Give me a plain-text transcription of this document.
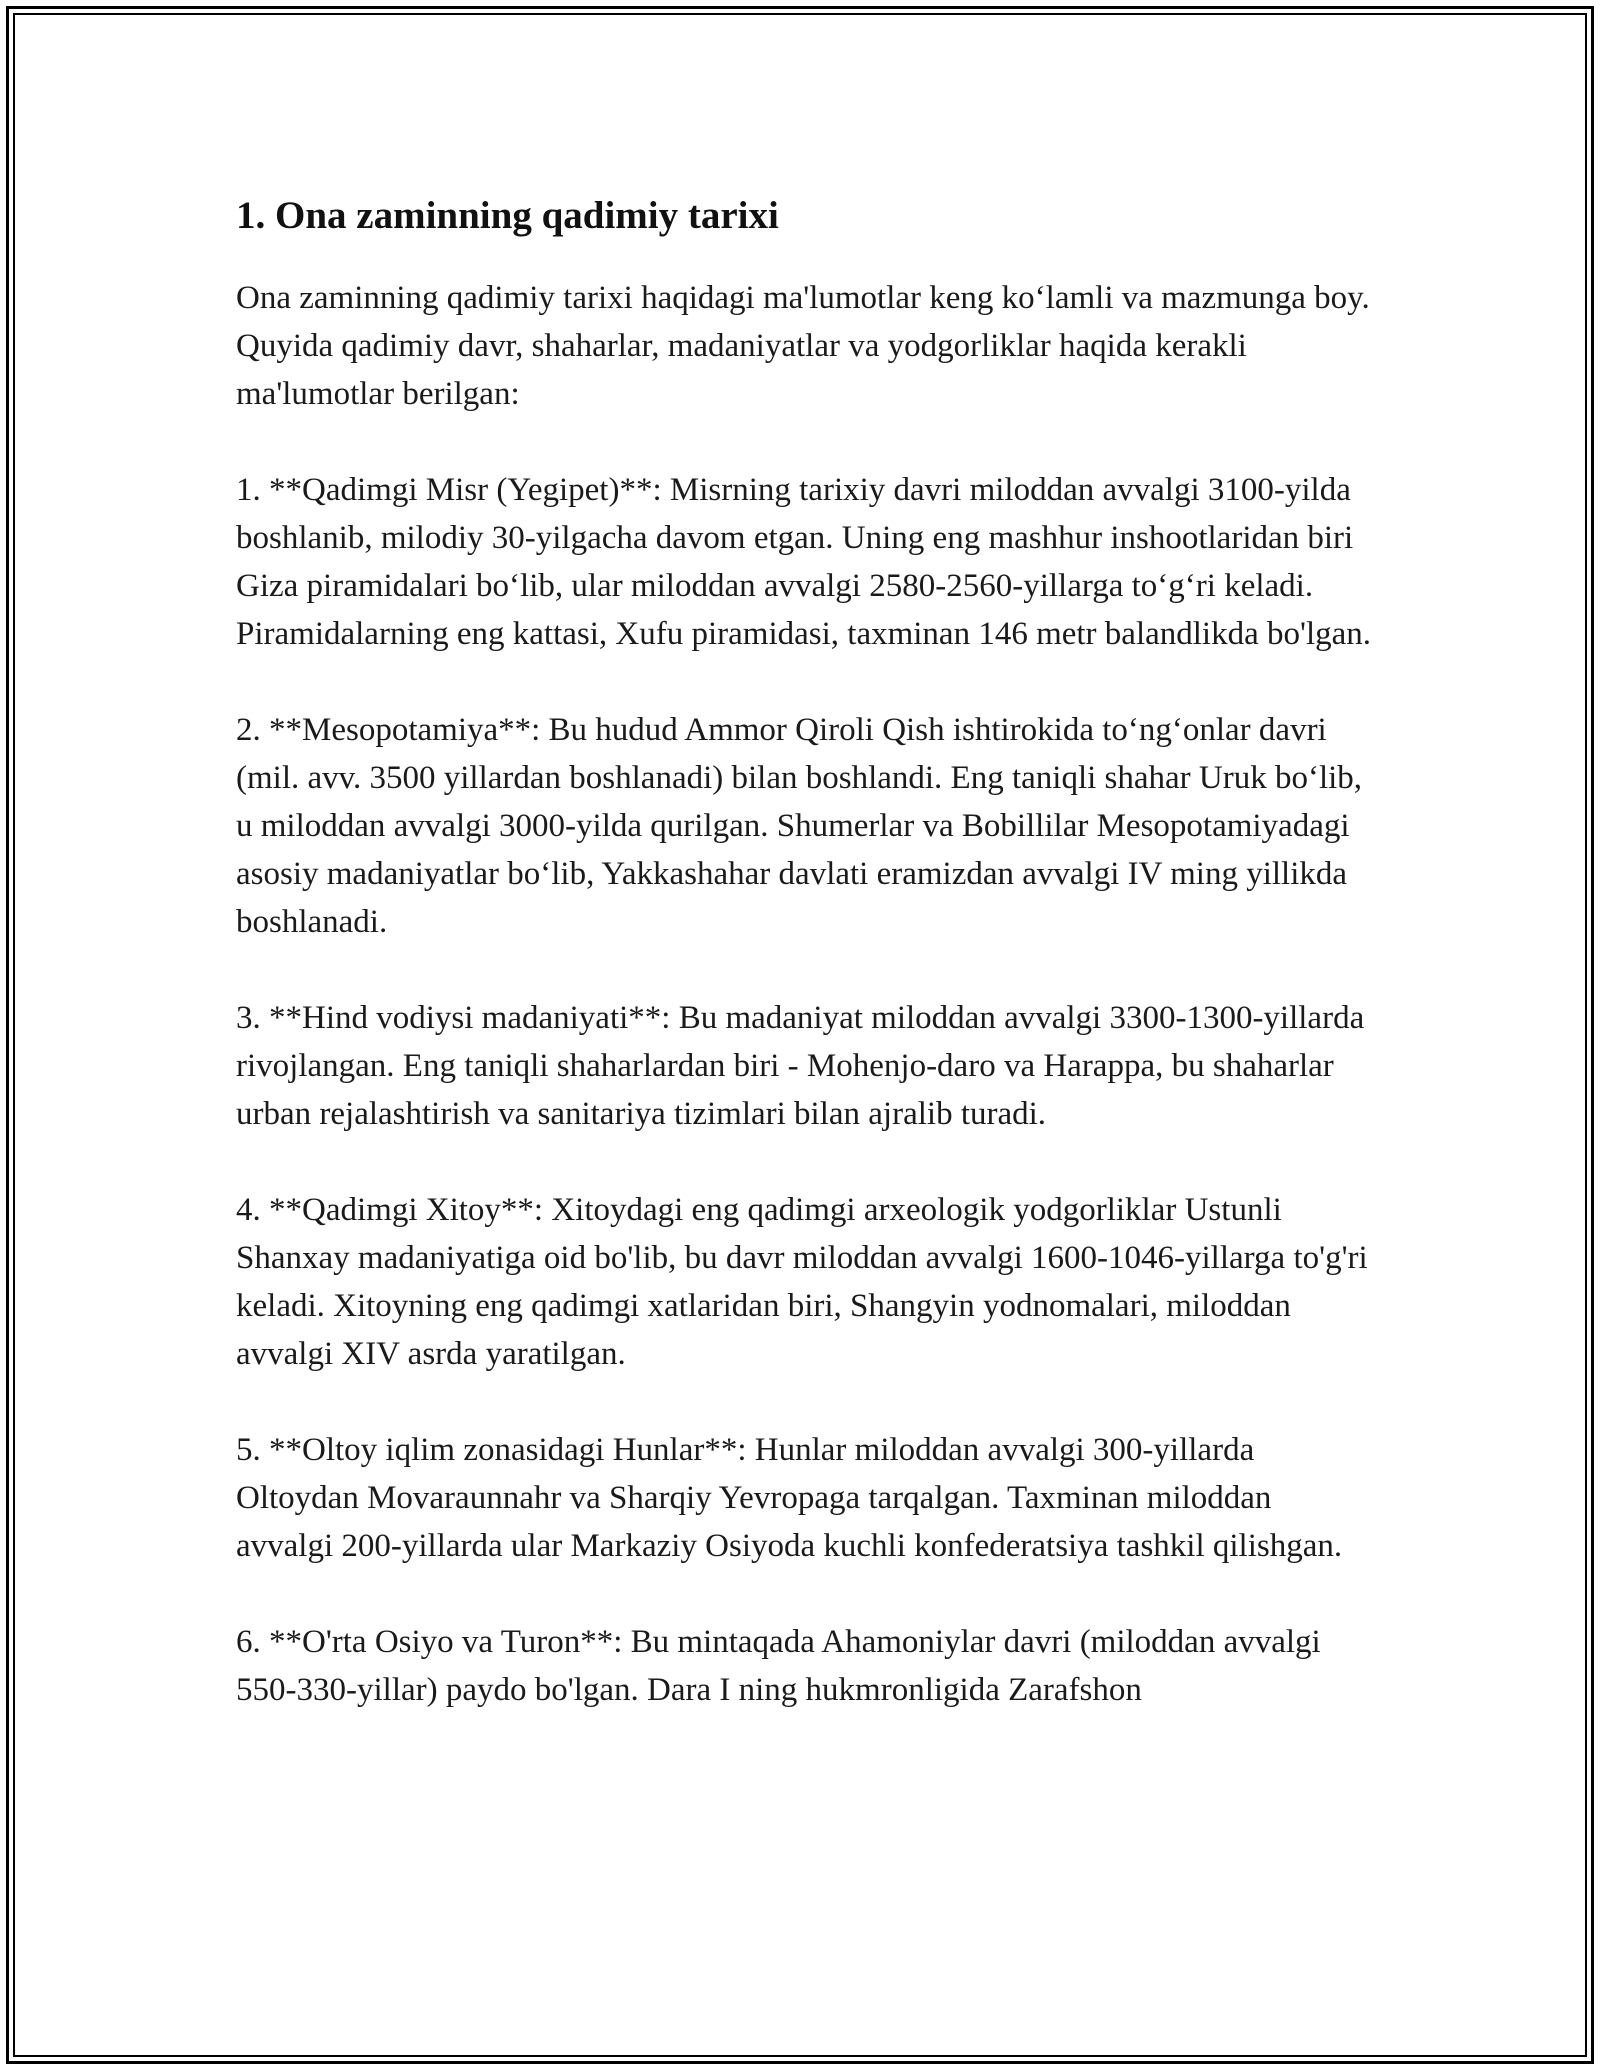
1. Ona zaminning qadimiy tarixi

Ona zaminning qadimiy tarixi haqidagi ma'lumotlar keng ko‘lamli va mazmunga boy. Quyida qadimiy davr, shaharlar, madaniyatlar va yodgorliklar haqida kerakli ma'lumotlar berilgan:

1. **Qadimgi Misr (Yegipet)**: Misrning tarixiy davri miloddan avvalgi 3100-yilda boshlanib, milodiy 30-yilgacha davom etgan. Uning eng mashhur inshootlaridan biri Giza piramidalari bo‘lib, ular miloddan avvalgi 2580-2560-yillarga to‘g‘ri keladi. Piramidalarning eng kattasi, Xufu piramidasi, taxminan 146 metr balandlikda bo'lgan.

2. **Mesopotamiya**: Bu hudud Ammor Qiroli Qish ishtirokida to‘ng‘onlar davri (mil. avv. 3500 yillardan boshlanadi) bilan boshlandi. Eng taniqli shahar Uruk bo‘lib, u miloddan avvalgi 3000-yilda qurilgan. Shumerlar va Bobillilar Mesopotamiyadagi asosiy madaniyatlar bo‘lib, Yakkashahar davlati eramizdan avvalgi IV ming yillikda boshlanadi.

3. **Hind vodiysi madaniyati**: Bu madaniyat miloddan avvalgi 3300-1300-yillarda rivojlangan. Eng taniqli shaharlardan biri - Mohenjo-daro va Harappa, bu shaharlar urban rejalashtirish va sanitariya tizimlari bilan ajralib turadi.

4. **Qadimgi Xitoy**: Xitoydagi eng qadimgi arxeologik yodgorliklar Ustunli Shanxay madaniyatiga oid bo'lib, bu davr miloddan avvalgi 1600-1046-yillarga to'g'ri keladi. Xitoyning eng qadimgi xatlaridan biri, Shangyin yodnomalari, miloddan avvalgi XIV asrda yaratilgan.

5. **Oltoy iqlim zonasidagi Hunlar**: Hunlar miloddan avvalgi 300-yillarda Oltoydan Movaraunnahr va Sharqiy Yevropaga tarqalgan. Taxminan miloddan avvalgi 200-yillarda ular Markaziy Osiyoda kuchli konfederatsiya tashkil qilishgan.

6. **O'rta Osiyo va Turon**: Bu mintaqada Ahamoniylar davri (miloddan avvalgi 550-330-yillar) paydo bo'lgan. Dara I ning hukmronligida Zarafshon
